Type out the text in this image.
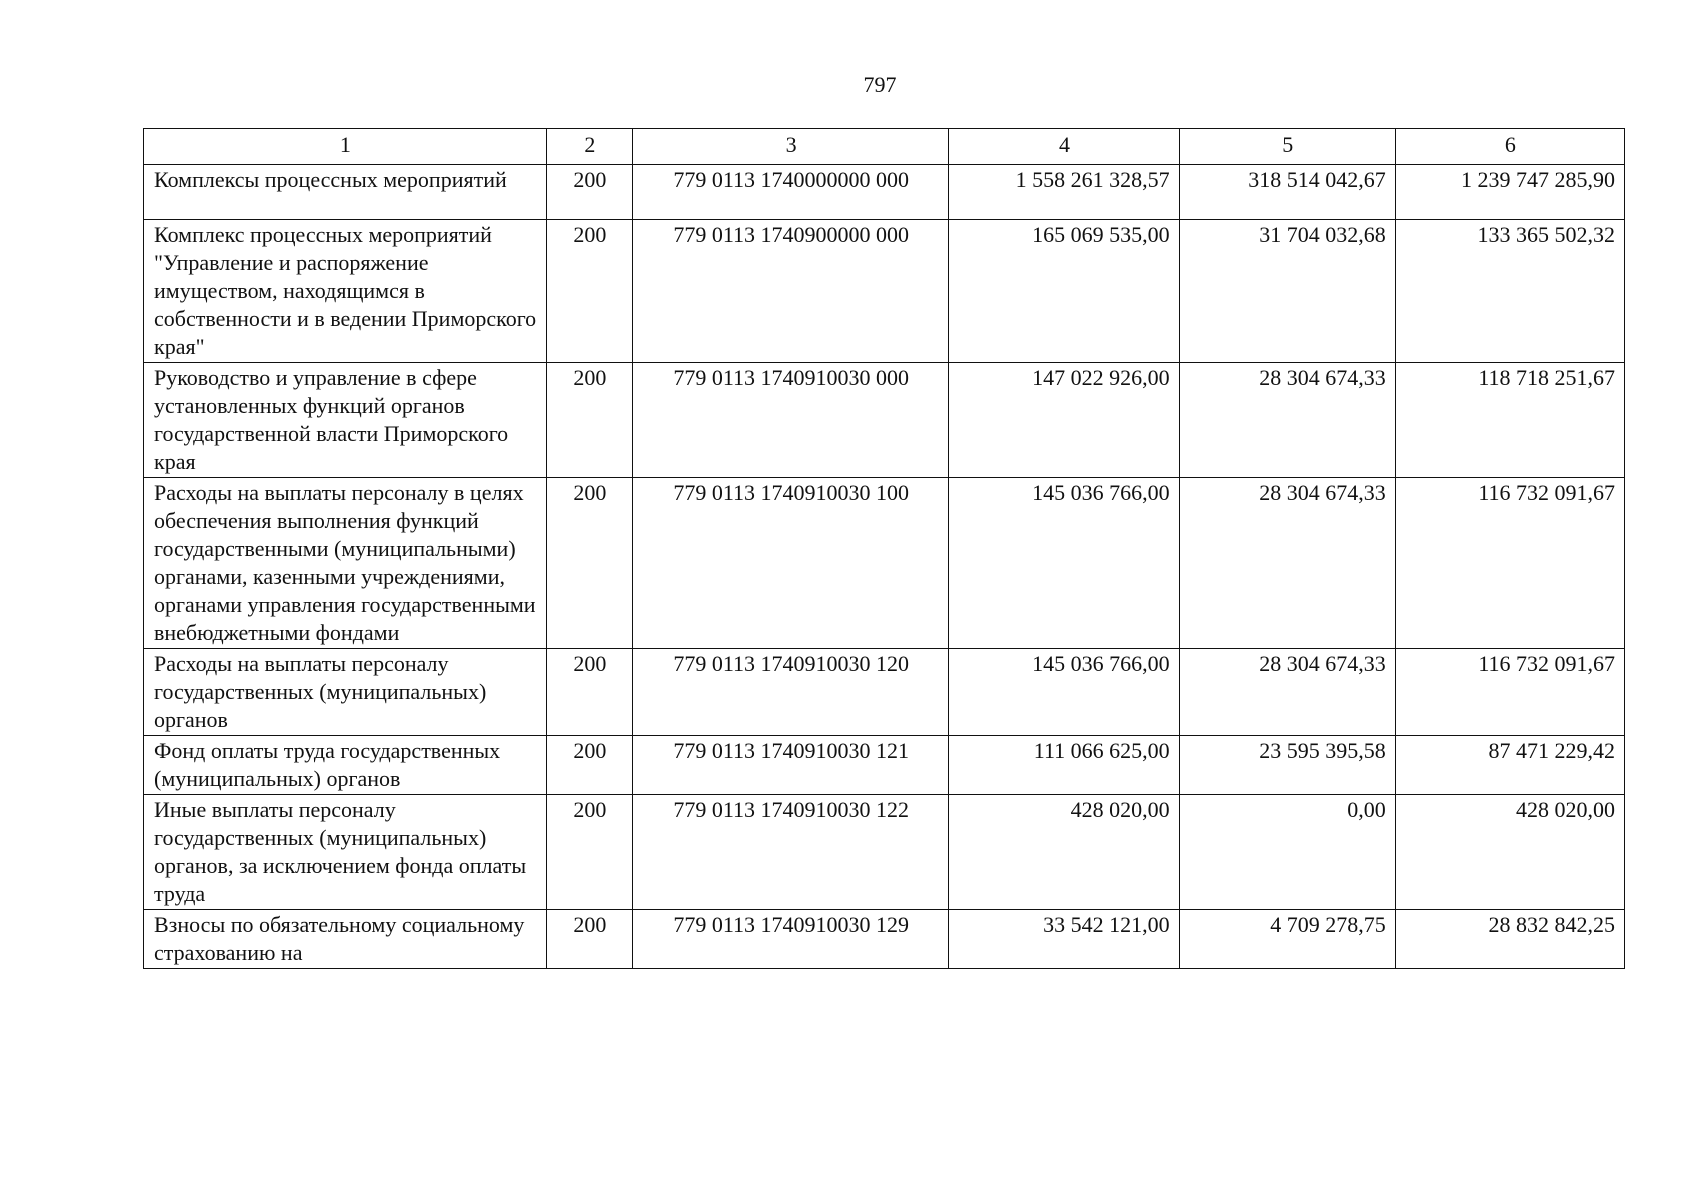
797
1	2	3	4	5	6
Комплексы процессных мероприятий	200	779 0113 1740000000 000	1 558 261 328,57	318 514 042,67	1 239 747 285,90
Комплекс процессных мероприятий "Управление и распоряжение имуществом, находящимся в собственности и в ведении Приморского края"	200	779 0113 1740900000 000	165 069 535,00	31 704 032,68	133 365 502,32
Руководство и управление в сфере установленных функций органов государственной власти Приморского края	200	779 0113 1740910030 000	147 022 926,00	28 304 674,33	118 718 251,67
Расходы на выплаты персоналу в целях обеспечения выполнения функций государственными (муниципальными) органами, казенными учреждениями, органами управления государственными внебюджетными фондами	200	779 0113 1740910030 100	145 036 766,00	28 304 674,33	116 732 091,67
Расходы на выплаты персоналу государственных (муниципальных) органов	200	779 0113 1740910030 120	145 036 766,00	28 304 674,33	116 732 091,67
Фонд оплаты труда государственных (муниципальных) органов	200	779 0113 1740910030 121	111 066 625,00	23 595 395,58	87 471 229,42
Иные выплаты персоналу государственных (муниципальных) органов, за исключением фонда оплаты труда	200	779 0113 1740910030 122	428 020,00	0,00	428 020,00
Взносы по обязательному социальному страхованию на	200	779 0113 1740910030 129	33 542 121,00	4 709 278,75	28 832 842,25
